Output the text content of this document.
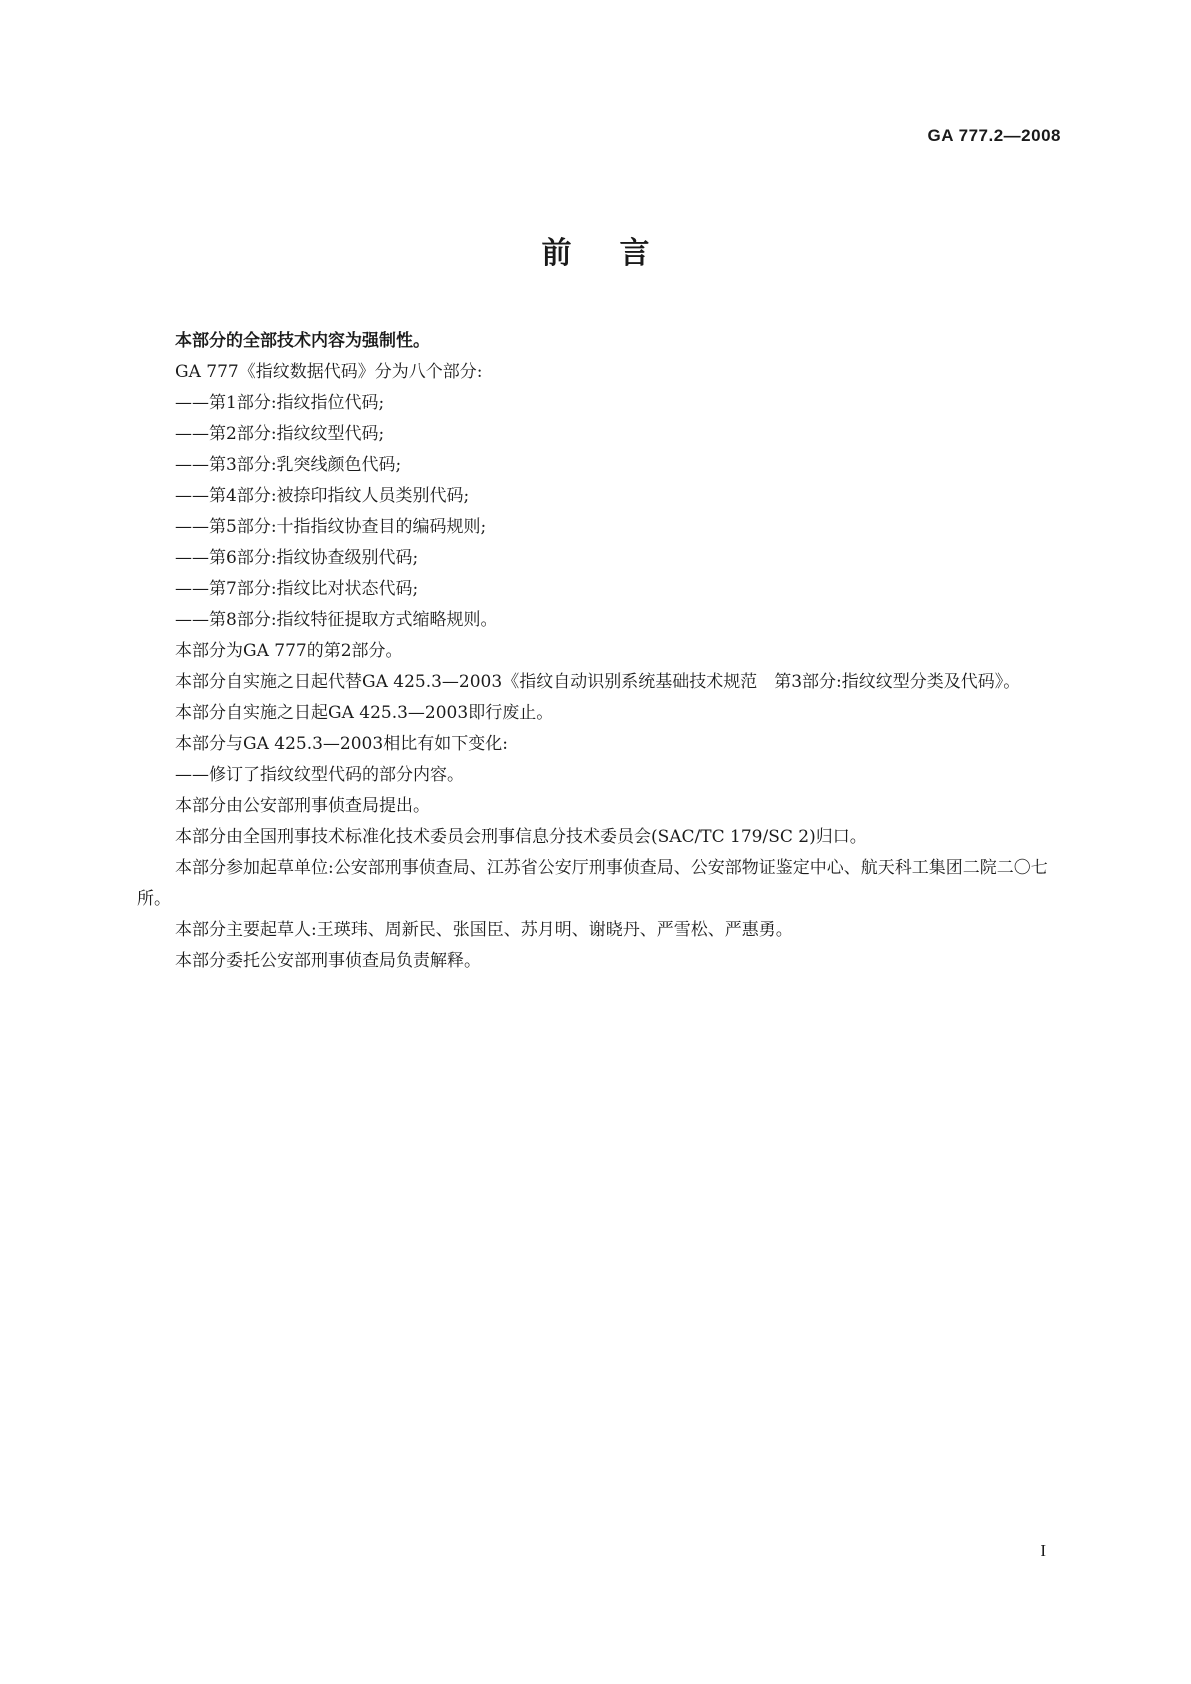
GA 777.2—2008
前言

本部分的全部技术内容为强制性。

GA 777《指纹数据代码》分为八个部分:

——第1部分:指纹指位代码;

——第2部分:指纹纹型代码;

——第3部分:乳突线颜色代码;

——第4部分:被捺印指纹人员类别代码;

——第5部分:十指指纹协查目的编码规则;

——第6部分:指纹协查级别代码;

——第7部分:指纹比对状态代码;

——第8部分:指纹特征提取方式缩略规则。

本部分为GA 777的第2部分。

本部分自实施之日起代替GA 425.3—2003《指纹自动识别系统基础技术规范　第3部分:指纹纹型分类及代码》。

本部分自实施之日起GA 425.3—2003即行废止。

本部分与GA 425.3—2003相比有如下变化:

——修订了指纹纹型代码的部分内容。

本部分由公安部刑事侦查局提出。

本部分由全国刑事技术标准化技术委员会刑事信息分技术委员会(SAC/TC 179/SC 2)归口。

本部分参加起草单位:公安部刑事侦查局、江苏省公安厅刑事侦查局、公安部物证鉴定中心、航天科工集团二院二〇七所。

本部分主要起草人:王瑛玮、周新民、张国臣、苏月明、谢晓丹、严雪松、严惠勇。

本部分委托公安部刑事侦查局负责解释。

I
